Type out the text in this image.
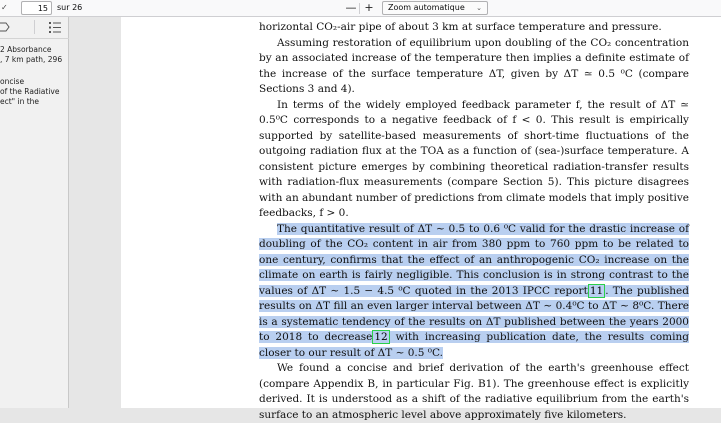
✓
15	sur 26	— +	Zoom automatique ⌄
2 Absorbance
, 7 km path, 296
oncise
of the Radiative
ect" in the

horizontal CO₂-air pipe of about 3 km at surface temperature and pressure.

Assuming restoration of equilibrium upon doubling of the CO₂ concentration by an associated increase of the temperature then implies a definite estimate of the increase of the surface temperature ΔT, given by ΔT ≃ 0.5 ⁰C (compare Sections 3 and 4).

In terms of the widely employed feedback parameter f, the result of ΔT ≃ 0.5⁰C corresponds to a negative feedback of f < 0. This result is empirically supported by satellite-based measurements of short-time fluctuations of the outgoing radiation flux at the TOA as a function of (sea-)surface temperature. A consistent picture emerges by combining theoretical radiation-transfer results with radiation-flux measurements (compare Section 5). This picture disagrees with an abundant number of predictions from climate models that imply positive feedbacks, f > 0.

The quantitative result of ΔT ∼ 0.5 to 0.6 ⁰C valid for the drastic increase of doubling of the CO₂ content in air from 380 ppm to 760 ppm to be related to one century, confirms that the effect of an anthropogenic CO₂ increase on the climate on earth is fairly negligible. This conclusion is in strong contrast to the values of ΔT ∼ 1.5 − 4.5 ⁰C quoted in the 2013 IPCC report 11 . The published results on ΔT fill an even larger interval between ΔT ∼ 0.4⁰C to ΔT ∼ 8⁰C. There is a systematic tendency of the results on ΔT published between the years 2000 to 2018 to decrease 12 with increasing publication date, the results coming closer to our result of ΔT ∼ 0.5 ⁰C.

We found a concise and brief derivation of the earth's greenhouse effect (compare Appendix B, in particular Fig. B1). The greenhouse effect is explicitly derived. It is understood as a shift of the radiative equilibrium from the earth's surface to an atmospheric level above approximately five kilometers.
